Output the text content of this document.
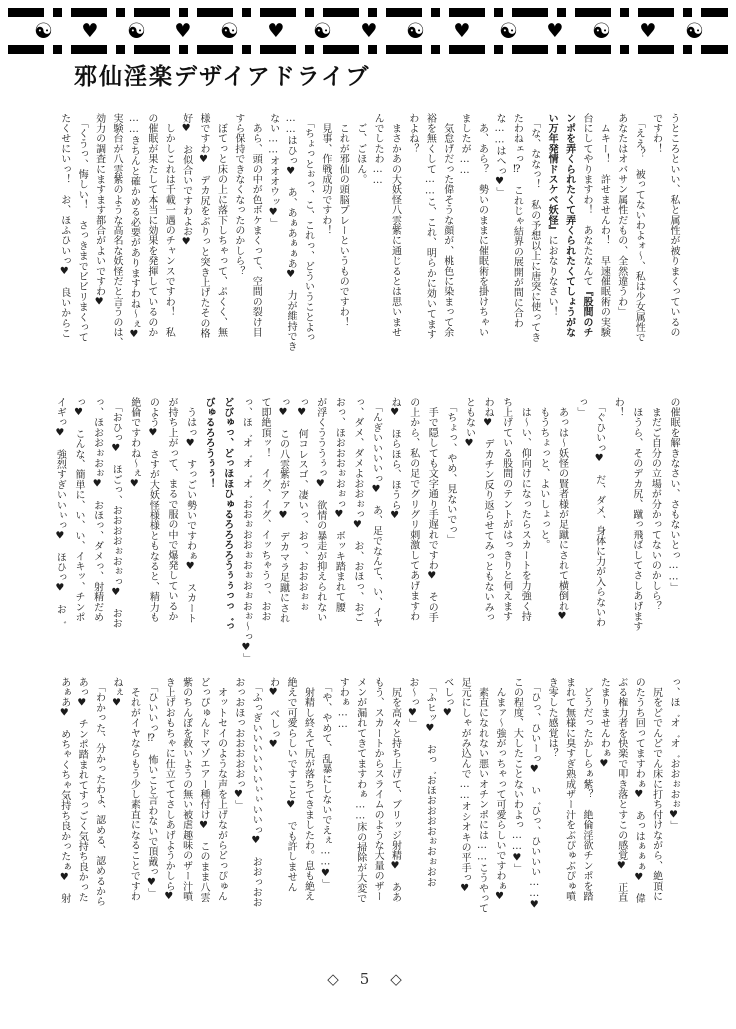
☯ ♥ ☯ ♥ ☯ ♥ ☯ ♥ ☯ ♥ ☯ ♥ ☯ ♥ ☯
邪仙淫楽デザイアドライブ

うところといい、私と属性が被りまくっているの

ですわ！

　「ええ？　被ってないわよォ～、私は少女属性で

あなたはオバサン属性だもの、全然違うわ」

　ムキー！　許せませんわ！　早速催眠術の実験

台にしてやりますわ！　あなたなんて『股間のチ

ンポを弄くられたくて弄くられたくてしょうがな

い万年発情ドスケベ妖怪』におなりなさい！

　「な、ななっ！　私の予想以上に唐突に使ってき

たわねェっ⁉　これじゃ結界の展開が間に合わ

な……はへっ♥」

　あ、あら？　勢いのままに催眠術を掛けちゃい

ましたが……

　気怠げだった偉そうな顔が、桃色に染まって余

裕を無くして……こ、これ、明らかに効いてます

わよね？

　まさかあの大妖怪八雲紫に通じるとは思いませ

んでしたわ……

　ご、ごほん。

　これが邪仙の頭脳プレーというものですわ！

　見事、作戦成功ですわ！

　「ちょっとぉっ、こ、これっ、どういうことよっ

……はひっ♥　あ、あぁあぁぁあ♥　力が維持でき

ない……オオオウッ♥」

　あら、頭の中が色ボケまくって、空間の裂け目

すら保持できなくなったのかしら？

　ぼてっと床の上に落下しちゃって、ぷくく、無

様ですわ♥　デカ尻をぶりっと突き上げたその格

好♥　お似合いですわよお♥

　しかしこれは千載一遇のチャンスですわ！　私

の催眠が果たして本当に効果を発揮しているのか

……きちんと確かめる必要がありますわね～ぇ♥

実験台が八雲紫のような高名な妖怪だと言うのは、

効力の調査にますます都合がよいですわ♥

　「くうっ、悔しい！　さっきまでビビリまくって

たくせにいっ！　お、ほふひいっ♥　良いからこ

の催眠を解きなさい、さもないとっ……」

　まだご自分の立場が分かってないのかしら？

　ほうら、そのデカ尻、蹴っ飛ばしてさしあげます

わ！

　「ぐひいっ♥　だ、ダメ、身体に力が入らないわ

っ」

　あっは～妖怪の賢者様が足蹴にされて横倒れ♥

　もうちょっと、よいしょっと。

　は～い、仰向けになったらスカートを力強く持

ち上げている股間のテントがはっきりと伺えます

わね♥　デカチン反り返らせてみっともないみっ

ともない♥

　「ちょっ、やめ、見ないでっ」

　手で隠しても文字通り手遅れですわ♥　その手

の上から、私の足でグリグリ刺激してあげますわ

ね♥　ほらほら、ほうら♥

　「んぎいいいいっ♥　あ、足でなんて、い、イヤ

っ、ダメ、ダメよおおぉっ♥　お、おほっ、おご

おっ、ほおおおぉおぉっ♥　ボッキ踏まれて腰

が浮くうううぅっ♥　欲情の暴走が抑えられない

っ♥　何コレスゴ、凄いっ、おっ、おおおぉぉ

っ♥　この八雲紫がアァ♥　デカマラ足蹴にされ

て即絶頂ッ！　イグ、イグ、イッちゃうっ、おお

っ、ほ゛オ゛オ゛オ゛おおぉおおぉおぉおぉおぉ～っ♥」

どびゅっ、どっほほひゅるろろろろうぅぅっっ゛っ

びゅるろろうぅぅ！

　うはっ♥　すっごい勢いですわぁ♥　スカート

が持ち上がって、まるで服の中で爆発しているか

のよう♥　さすが大妖怪様様ともなると、精力も

絶倫ですわね～ぇ♥

　「おひっ♥　ほごっ、おおおおぉおぉっ♥　おお

っ、ほおおぉおぉ♥　おほっ、ダメっ、射精だめ

っ♥　こんな、簡単に、い、い、イキッ、チンポ

イギっ♥　強烈すぎいいぃっ♥　ほひっ♥　お゛

っ、ほ゛オ゛オ゛おおぉおぉ♥」

　尻をどでんどでん床に打ち付けながら、絶頂に

のたうち回ってますわぁ♥　あっはぁぁぁ♥　偉

ぶる権力者を快楽で叩き落とすこの感覚♥　正直

たまりませんわぁ♥

　どうだったかしらぁ紫？　絶倫淫欲チンポを踏

まれて無様に臭すぎ熟成ザー汁をぶぴゅぶぴゅ噴

き零した感覚は？

　「ひっ、ひいーっ♥　い゛ひっ、ひいいい……♥

この程度、大したことないわよっ……♥」

　んまァ～強がっちゃって可愛らしいですわぁ♥

　素直になれない悪いオチンポには……こうやって

足元にしゃがみ込んで……オシオキの平手っ♥

べしっ♥

　「ふヒッ♥　おっ゛おほおおおおぉおぉおお

お～っ♥」

　尻を高々と持ち上げて、ブリッジ射精♥　ああ

もう、スカートからスライムのような大量のザー

メンが漏れてきてますわぁ……床の掃除が大変で

すわぁ……

　「や、やめて、乱暴にしないでえぇ……♥」

　射精し終えて尻が落ちてきましたわ。息も絶え

絶えで可愛らしいですこと♥　でも許しません

わ♥　べしっ♥

　「ふっぎいいいいいいぃぃいいっ♥　おおっおお

おっおほっおおおおおっ♥」

　オットセイのような声を上げながらどっぴゅん

どっぴゅんドマゾエアー種付け♥　このまま八雲

紫のちんぽを救いようの無い被虐趣味のザー汁噴

き上げおもちゃに仕立ててさしあげようかしら♥

　「ひいいっ⁉　怖いこと言わないで頂戴っ♥」

　それがイヤならもう少し素直になることですわ

ねぇ♥

　「わかった、分かったわよ、認める、認めるから

あっ♥　チンポ踏まれてすっごく気持ち良かった

あぁあ♥　めちゃくちゃ気持ち良かったぁ♥　射

◇　5　◇
